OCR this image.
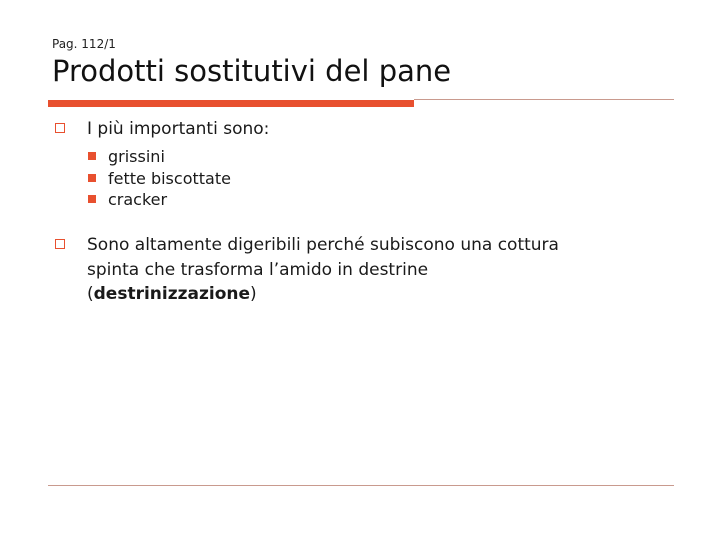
Pag. 112/1
Prodotti sostitutivi del pane
I più importanti sono:
grissini
fette biscottate
cracker
Sono altamente digeribili perché subiscono una cottura
spinta che trasforma l’amido in destrine
(destrinizzazione)
